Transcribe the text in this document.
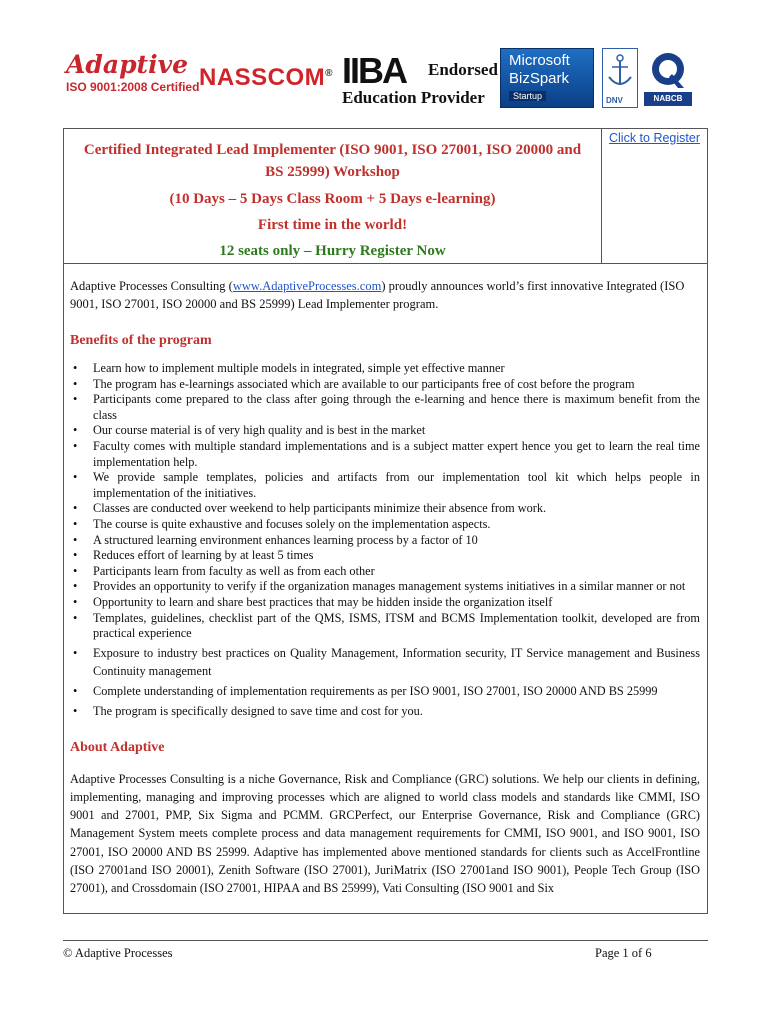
Adaptive
ISO 9001:2008 Certified NASSCOM® IIBA Endorsed
Education Provider
Microsoft
BizSpark
Startup	DNV	NABCB
Certified Integrated Lead Implementer (ISO 9001, ISO 27001, ISO 20000 and BS 25999) Workshop
(10 Days – 5 Days Class Room + 5 Days e-learning)
First time in the world!
12 seats only – Hurry Register Now
Click to Register

Adaptive Processes Consulting (www.AdaptiveProcesses.com) proudly announces world’s first innovative Integrated (ISO 9001, ISO 27001, ISO 20000 and BS 25999) Lead Implementer program.

Benefits of the program
• Learn how to implement multiple models in integrated, simple yet effective manner
• The program has e-learnings associated which are available to our participants free of cost before the program
• Participants come prepared to the class after going through the e-learning and hence there is maximum benefit from the class
• Our course material is of very high quality and is best in the market
• Faculty comes with multiple standard implementations and is a subject matter expert hence you get to learn the real time implementation help.
• We provide sample templates, policies and artifacts from our implementation tool kit which helps people in implementation of the initiatives.
• Classes are conducted over weekend to help participants minimize their absence from work.
• The course is quite exhaustive and focuses solely on the implementation aspects.
• A structured learning environment enhances learning process by a factor of 10
• Reduces effort of learning by at least 5 times
• Participants learn from faculty as well as from each other
• Provides an opportunity to verify if the organization manages management systems initiatives in a similar manner or not
• Opportunity to learn and share best practices that may be hidden inside the organization itself
• Templates, guidelines, checklist part of the QMS, ISMS, ITSM and BCMS Implementation toolkit, developed are from practical experience
• Exposure to industry best practices on Quality Management, Information security, IT Service management and Business Continuity management
• Complete understanding of implementation requirements as per ISO 9001, ISO 27001, ISO 20000 AND BS 25999
• The program is specifically designed to save time and cost for you.
About Adaptive

Adaptive Processes Consulting is a niche Governance, Risk and Compliance (GRC) solutions. We help our clients in defining, implementing, managing and improving processes which are aligned to world class models and standards like CMMI, ISO 9001 and 27001, PMP, Six Sigma and PCMM. GRCPerfect, our Enterprise Governance, Risk and Compliance (GRC) Management System meets complete process and data management requirements for CMMI, ISO 9001, and ISO 9001, ISO 27001, ISO 20000 AND BS 25999. Adaptive has implemented above mentioned standards for clients such as AccelFrontline (ISO 27001and ISO 20001), Zenith Software (ISO 27001), JuriMatrix (ISO 27001and ISO 9001), People Tech Group (ISO 27001), and Crossdomain (ISO 27001, HIPAA and BS 25999), Vati Consulting (ISO 9001 and Six

© Adaptive Processes	Page 1 of 6
